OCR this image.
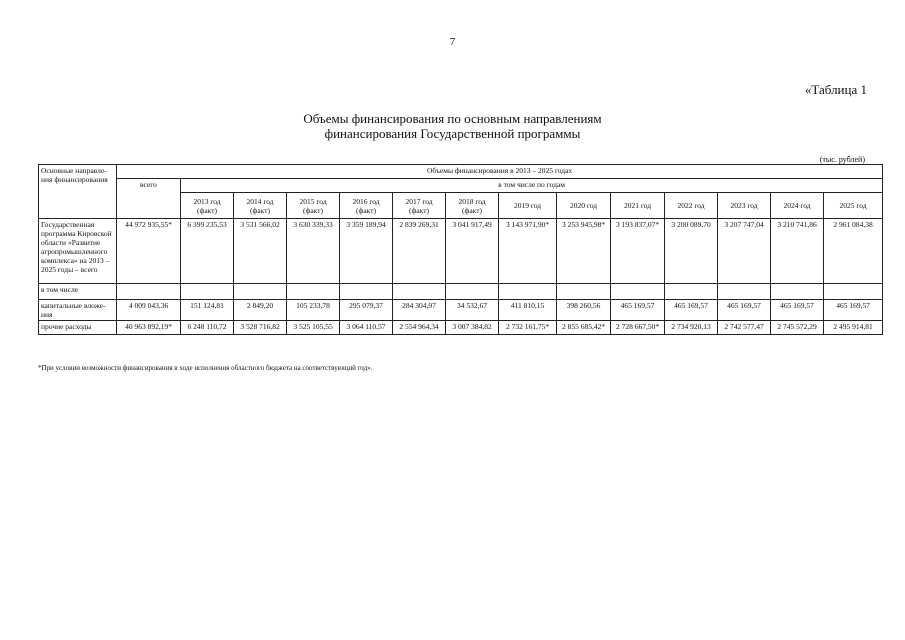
7
«Таблица 1
Объемы финансирования по основным направлениям
финансирования Государственной программы
(тыс. рублей)
Основные направле-ния финансирования	Объемы финансирования в 2013 – 2025 годах													
	всего	в том числе по годам												
		2013 год (факт)	2014 год (факт)	2015 год (факт)	2016 год (факт)	2017 год (факт)	2018 год (факт)	2019 год	2020 год	2021 год	2022 год	2023 год	2024 год	2025 год
Государственная программа Кировской области «Развитие агропромышленного комплекса» на 2013 – 2025 годы – всего	44 972 935,55*	6 399 235,53	3 531 566,02	3 630 339,33	3 359 189,94	2 839 269,31	3 041 917,49	3 143 971,90*	3 253 945,98*	3 193 837,07*	3 200 089,70	3 207 747,04	3 210 741,86	2 961 084,38
в том числе														
капитальные вложе-ния	4 009 043,36	151 124,81	2 849,20	105 233,78	295 079,37	284 304,97	34 532,67	411 810,15	398 260,56	465 169,57	465 169,57	465 169,57	465 169,57	465 169,57
прочие расходы	40 963 892,19*	6 248 110,72	3 528 716,82	3 525 105,55	3 064 110,57	2 554 964,34	3 007 384,82	2 732 161,75*	2 855 685,42*	2 728 667,50*	2 734 920,13	2 742 577,47	2 745 572,29	2 495 914,81
*При условии возможности финансирования в ходе исполнения областного бюджета на соответствующий год».
